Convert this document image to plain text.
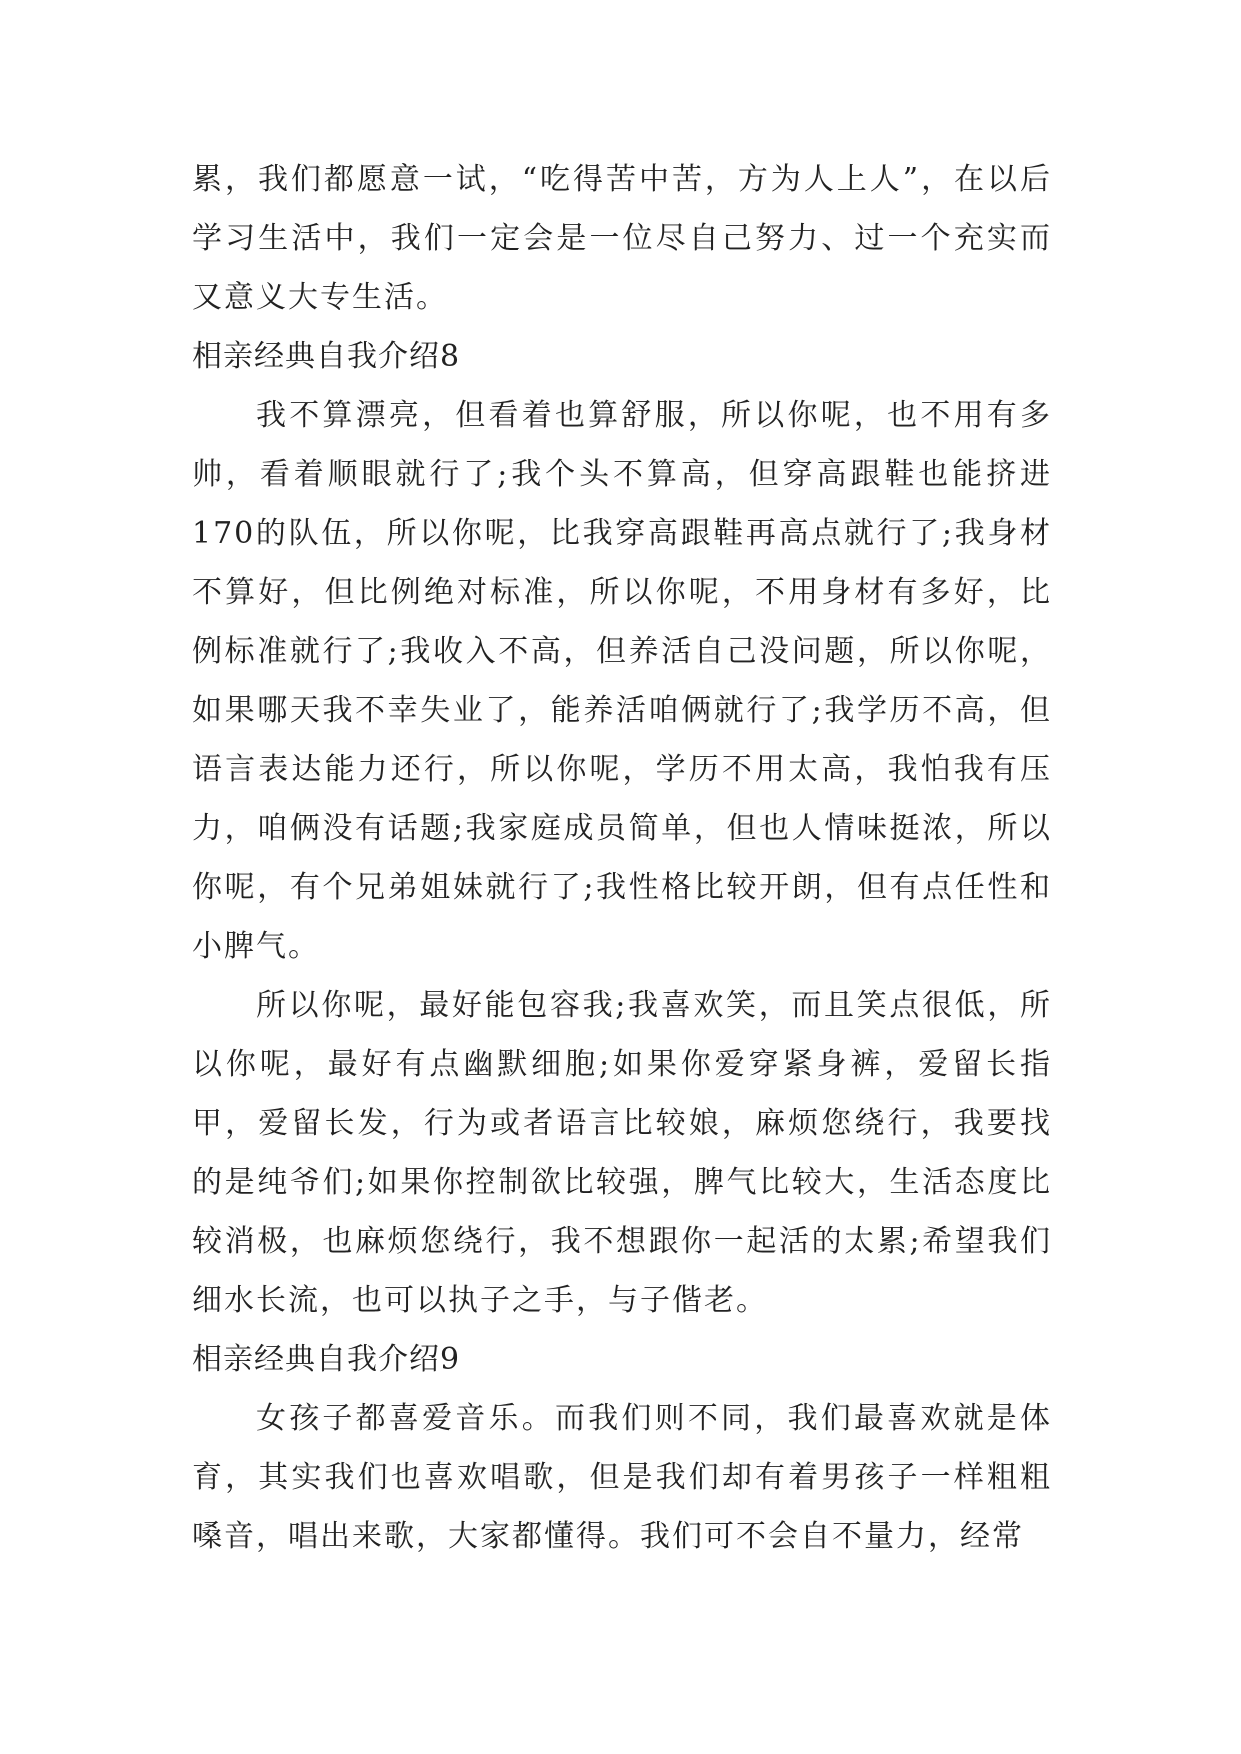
累，我们都愿意一试，“吃得苦中苦，方为人上人”，在以后学习生活中，我们一定会是一位尽自己努力、过一个充实而又意义大专生活。

相亲经典自我介绍8

我不算漂亮，但看着也算舒服，所以你呢，也不用有多帅，看着顺眼就行了;我个头不算高，但穿高跟鞋也能挤进170的队伍，所以你呢，比我穿高跟鞋再高点就行了;我身材不算好，但比例绝对标准，所以你呢，不用身材有多好，比例标准就行了;我收入不高，但养活自己没问题，所以你呢，如果哪天我不幸失业了，能养活咱俩就行了;我学历不高，但语言表达能力还行，所以你呢，学历不用太高，我怕我有压力，咱俩没有话题;我家庭成员简单，但也人情味挺浓，所以你呢，有个兄弟姐妹就行了;我性格比较开朗，但有点任性和小脾气。

所以你呢，最好能包容我;我喜欢笑，而且笑点很低，所以你呢，最好有点幽默细胞;如果你爱穿紧身裤，爱留长指甲，爱留长发，行为或者语言比较娘，麻烦您绕行，我要找的是纯爷们;如果你控制欲比较强，脾气比较大，生活态度比较消极，也麻烦您绕行，我不想跟你一起活的太累;希望我们细水长流，也可以执子之手，与子偕老。

相亲经典自我介绍9

女孩子都喜爱音乐。而我们则不同，我们最喜欢就是体育，其实我们也喜欢唱歌，但是我们却有着男孩子一样粗粗嗓音，唱出来歌，大家都懂得。我们可不会自不量力，经常
